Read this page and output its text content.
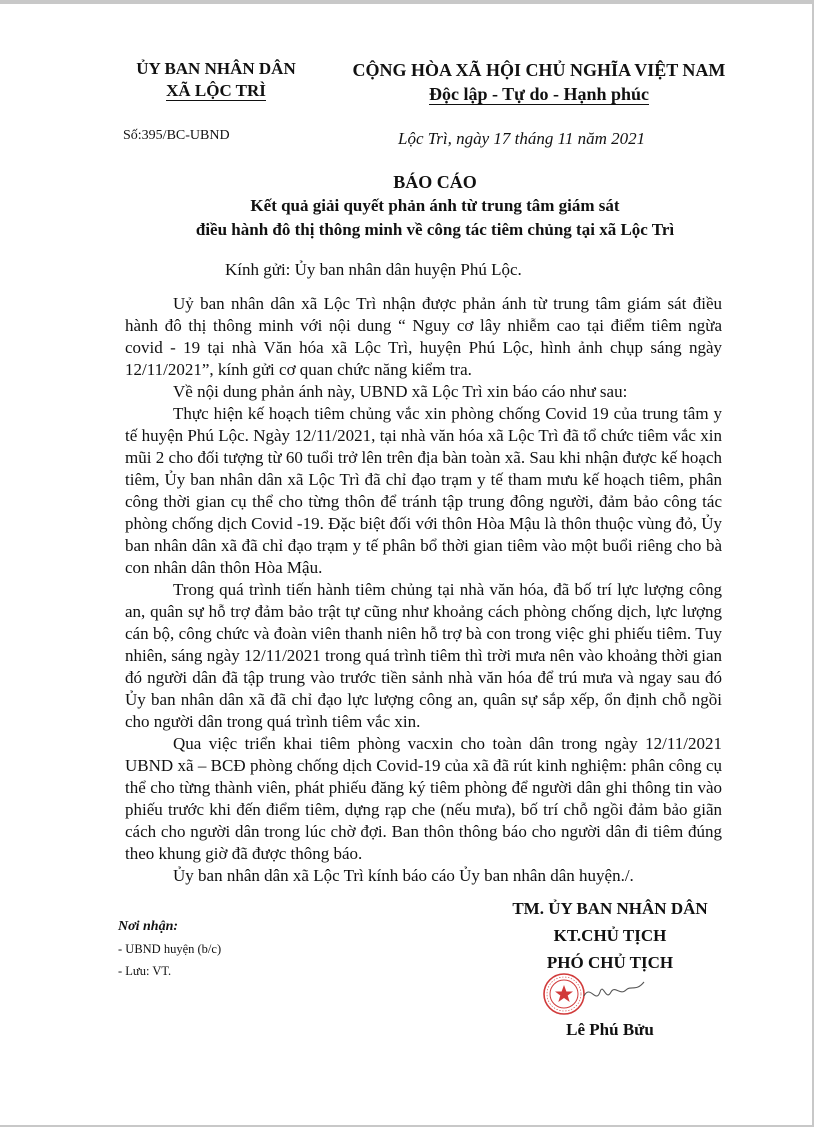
ỦY BAN NHÂN DÂN
XÃ LỘC TRÌ
CỘNG HÒA XÃ HỘI CHỦ NGHĨA VIỆT NAM
Độc lập - Tự do - Hạnh phúc
Số:395/BC-UBND	Lộc Trì, ngày 17 tháng 11 năm 2021
BÁO CÁO
Kết quả giải quyết phản ánh từ trung tâm giám sát
điều hành đô thị thông minh về công tác tiêm chủng tại xã Lộc Trì
Kính gửi: Ủy ban nhân dân huyện Phú Lộc.

Uỷ ban nhân dân xã Lộc Trì nhận được phản ánh từ trung tâm giám sát điều hành đô thị thông minh với nội dung “ Nguy cơ lây nhiễm cao tại điểm tiêm ngừa covid - 19 tại nhà Văn hóa xã Lộc Trì, huyện Phú Lộc, hình ảnh chụp sáng ngày 12/11/2021”, kính gửi cơ quan chức năng kiểm tra.

Về nội dung phản ánh này, UBND xã Lộc Trì xin báo cáo như sau:

Thực hiện kế hoạch tiêm chủng vắc xin phòng chống Covid 19 của trung tâm y tế huyện Phú Lộc. Ngày 12/11/2021, tại nhà văn hóa xã Lộc Trì đã tổ chức tiêm vắc xin mũi 2 cho đối tượng từ 60 tuổi trở lên trên địa bàn toàn xã. Sau khi nhận được kế hoạch tiêm, Ủy ban nhân dân xã Lộc Trì đã chỉ đạo trạm y tế tham mưu kế hoạch tiêm, phân công thời gian cụ thể cho từng thôn để tránh tập trung đông người, đảm bảo công tác phòng chống dịch Covid -19. Đặc biệt đối với thôn Hòa Mậu là thôn thuộc vùng đỏ, Ủy ban nhân dân xã đã chỉ đạo trạm y tế phân bổ thời gian tiêm vào một buổi riêng cho bà con nhân dân thôn Hòa Mậu.

Trong quá trình tiến hành tiêm chủng tại nhà văn hóa, đã bố trí lực lượng công an, quân sự hỗ trợ đảm bảo trật tự cũng như khoảng cách phòng chống dịch, lực lượng cán bộ, công chức và đoàn viên thanh niên hỗ trợ bà con trong việc ghi phiếu tiêm. Tuy nhiên, sáng ngày 12/11/2021 trong quá trình tiêm thì trời mưa nên vào khoảng thời gian đó người dân đã tập trung vào trước tiền sảnh nhà văn hóa để trú mưa và ngay sau đó Ủy ban nhân dân xã đã chỉ đạo lực lượng công an, quân sự sắp xếp, ổn định chỗ ngồi cho người dân trong quá trình tiêm vắc xin.

Qua việc triển khai tiêm phòng vacxin cho toàn dân trong ngày 12/11/2021 UBND xã – BCĐ phòng chống dịch Covid-19 của xã đã rút kinh nghiệm: phân công cụ thể cho từng thành viên, phát phiếu đăng ký tiêm phòng để người dân ghi thông tin vào phiếu trước khi đến điểm tiêm, dựng rạp che (nếu mưa), bố trí chỗ ngồi đảm bảo giãn cách cho người dân trong lúc chờ đợi. Ban thôn thông báo cho người dân đi tiêm đúng theo khung giờ đã được thông báo.

Ủy ban nhân dân xã Lộc Trì kính báo cáo Ủy ban nhân dân huyện./.

Nơi nhận:
- UBND huyện (b/c)
- Lưu: VT.
TM. ỦY BAN NHÂN DÂN
KT.CHỦ TỊCH
PHÓ CHỦ TỊCH
Lê Phú Bửu
